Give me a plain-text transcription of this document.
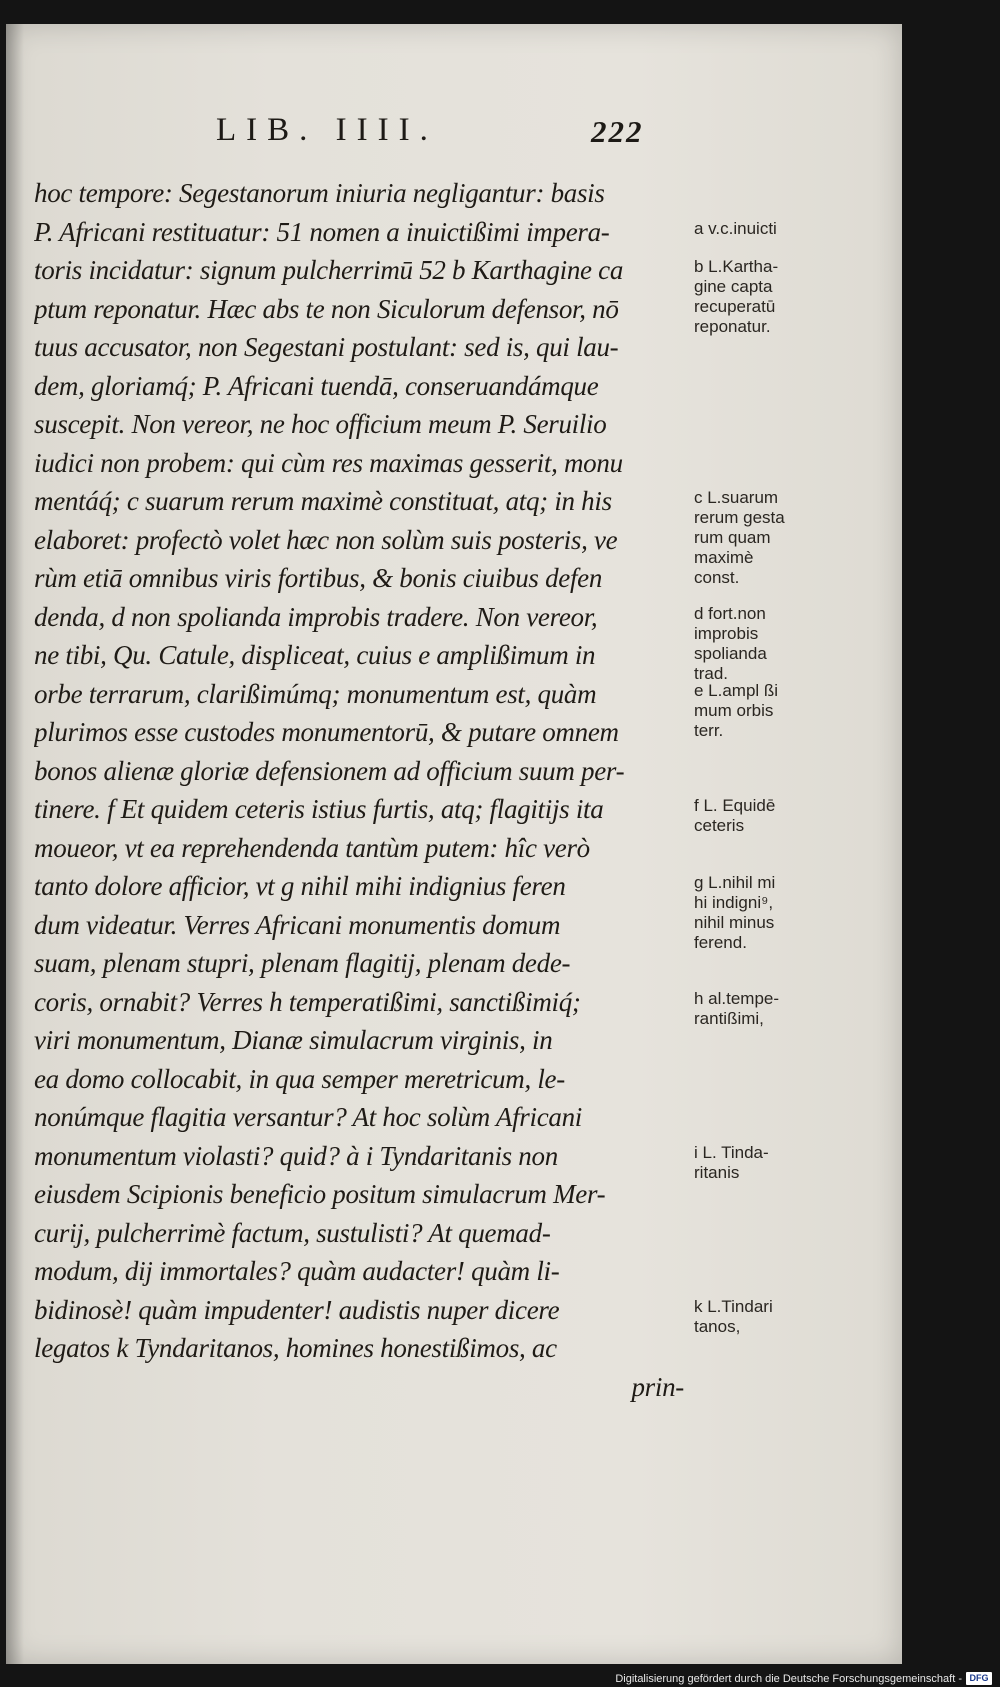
LIB. IIII.	222
hoc tempore: Segestanorum iniuria negligantur: basis
P. Africani restituatur: 51 nomen a inuictißimi impera-
toris incidatur: signum pulcherrimū 52 b Karthagine ca
ptum reponatur. Hæc abs te non Siculorum defensor, nō
tuus accusator, non Segestani postulant: sed is, qui lau-
dem, gloriamq́; P. Africani tuendā, conseruandámque
suscepit. Non vereor, ne hoc officium meum P. Seruilio
iudici non probem: qui cùm res maximas gesserit, monu
mentáq́; c suarum rerum maximè constituat, atq; in his
elaboret: profectò volet hæc non solùm suis posteris, ve
rùm etiā omnibus viris fortibus, & bonis ciuibus defen
denda, d non spolianda improbis tradere. Non vereor,
ne tibi, Qu. Catule, displiceat, cuius e amplißimum in
orbe terrarum, clarißimúmq; monumentum est, quàm
plurimos esse custodes monumentorū, & putare omnem
bonos alienæ gloriæ defensionem ad officium suum per-
tinere. f Et quidem ceteris istius furtis, atq; flagitijs ita
moueor, vt ea reprehendenda tantùm putem: hîc verò
tanto dolore afficior, vt g nihil mihi indignius feren
dum videatur. Verres Africani monumentis domum
suam, plenam stupri, plenam flagitij, plenam dede-
coris, ornabit? Verres h temperatißimi, sanctißimiq́;
viri monumentum, Dianæ simulacrum virginis, in
ea domo collocabit, in qua semper meretricum, le-
nonúmque flagitia versantur? At hoc solùm Africani
monumentum violasti? quid? à i Tyndaritanis non
eiusdem Scipionis beneficio positum simulacrum Mer-
curij, pulcherrimè factum, sustulisti? At quemad-
modum, dij immortales? quàm audacter! quàm li-
bidinosè! quàm impudenter! audistis nuper dicere
legatos k Tyndaritanos, homines honestißimos, ac
prin-
a v.c.inuicti
b L.Kartha-
gine capta
recuperatū
reponatur.
c L.suarum
rerum gesta
rum quam
maximè
const.
d fort.non
improbis
spolianda
trad.
e L.ampl ßi
mum orbis
terr.
f L. Equidē
ceteris
g L.nihil mi
hi indigni⁹,
nihil minus
ferend.
h al.tempe-
rantißimi,
i L. Tinda-
ritanis
k L.Tindari
tanos,
Digitalisierung gefördert durch die Deutsche Forschungsgemeinschaft - DFG
